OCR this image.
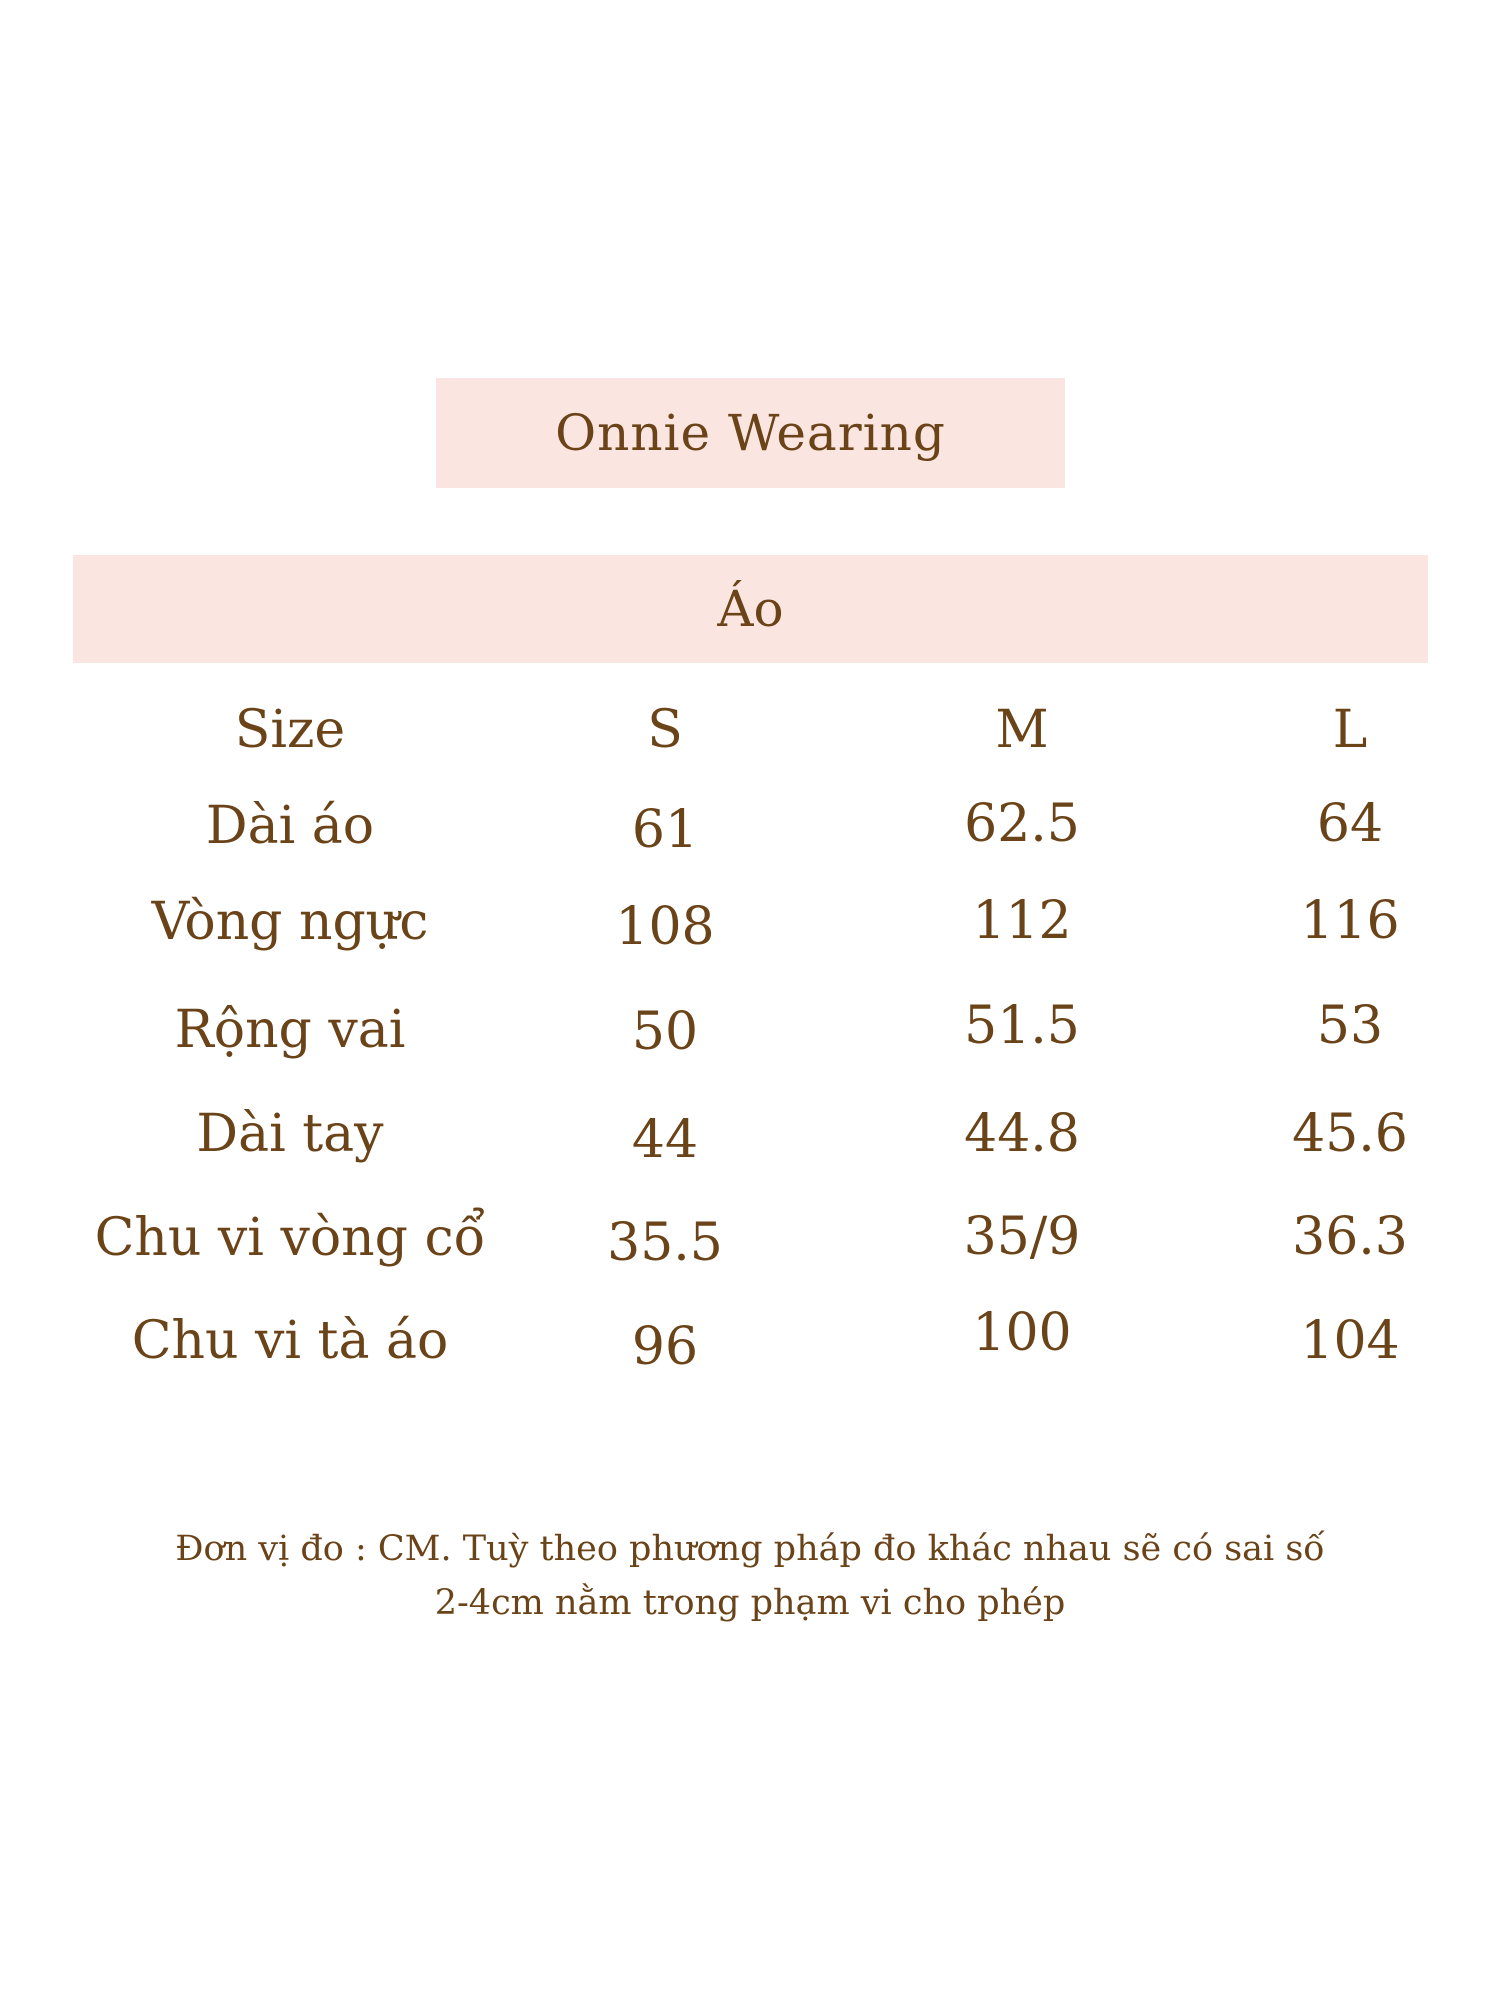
Onnie Wearing
Áo
Size	S	M	L
Dài áo	61	62.5	64
Vòng ngực	108	112	116
Rộng vai	50	51.5	53
Dài tay	44	44.8	45.6
Chu vi vòng cổ 35.5	35/9	36.3
Chu vi tà áo	96	100	104
Đơn vị đo : CM. Tuỳ theo phương pháp đo khác nhau sẽ có sai số
2-4cm nằm trong phạm vi cho phép
